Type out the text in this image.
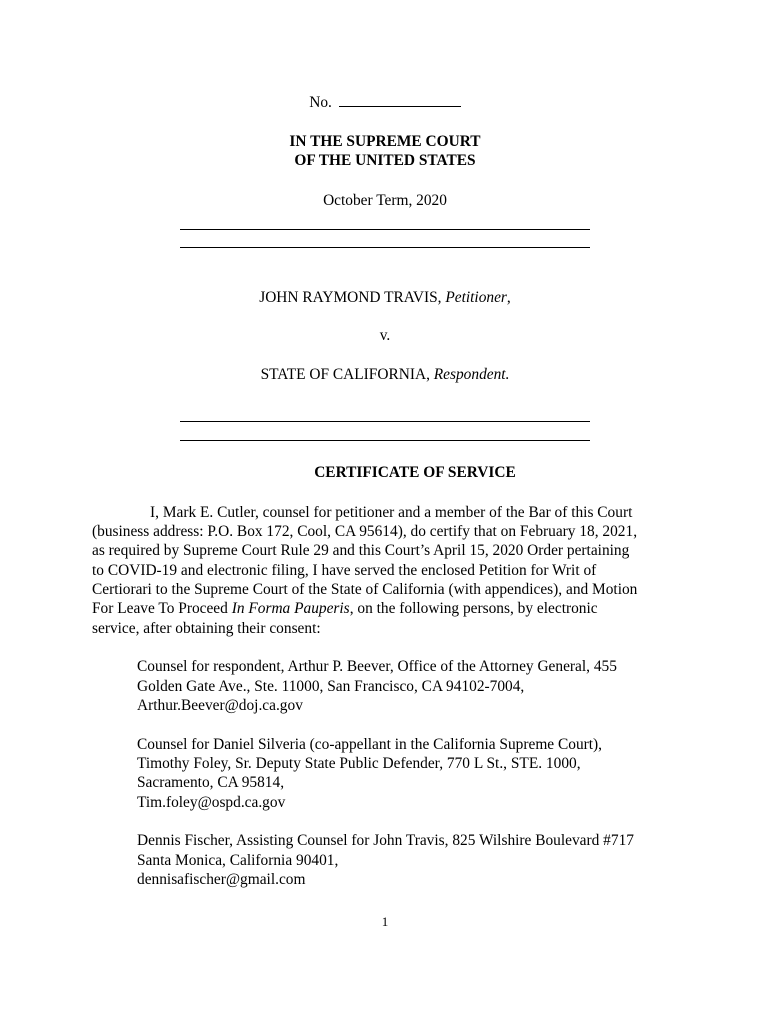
No.
IN THE SUPREME COURT
OF THE UNITED STATES
October Term, 2020
JOHN RAYMOND TRAVIS, Petitioner,
v.
STATE OF CALIFORNIA, Respondent.
CERTIFICATE OF SERVICE
I, Mark E. Cutler, counsel for petitioner and a member of the Bar of this Court
(business address: P.O. Box 172, Cool, CA 95614), do certify that on February 18, 2021,
as required by Supreme Court Rule 29 and this Court’s April 15, 2020 Order pertaining
to COVID-19 and electronic filing, I have served the enclosed Petition for Writ of
Certiorari to the Supreme Court of the State of California (with appendices), and Motion
For Leave To Proceed In Forma Pauperis, on the following persons, by electronic
service, after obtaining their consent:
Counsel for respondent, Arthur P. Beever, Office of the Attorney General, 455
Golden Gate Ave., Ste. 11000, San Francisco, CA 94102-7004,
Arthur.Beever@doj.ca.gov
Counsel for Daniel Silveria (co-appellant in the California Supreme Court),
Timothy Foley, Sr. Deputy State Public Defender, 770 L St., STE. 1000,
Sacramento, CA 95814,
Tim.foley@ospd.ca.gov
Dennis Fischer, Assisting Counsel for John Travis, 825 Wilshire Boulevard #717
Santa Monica, California 90401,
dennisafischer@gmail.com
1
